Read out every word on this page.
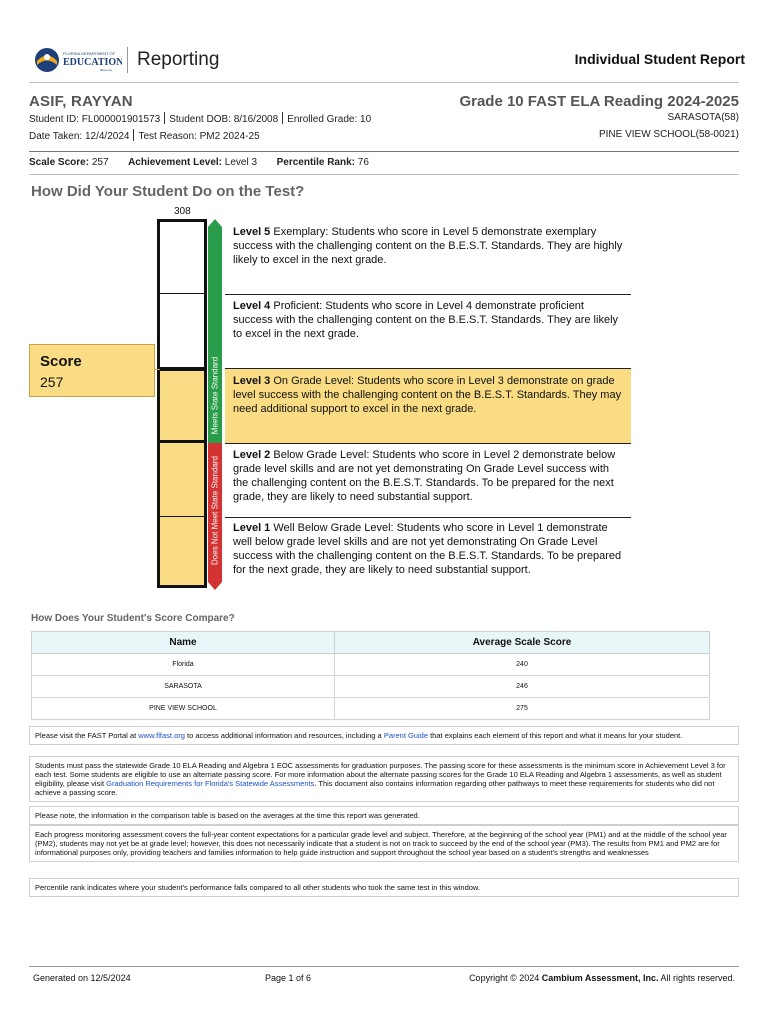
FLORIDA DEPARTMENT OF
EDUCATION
fldoe.org Reporting	Individual Student Report
ASIF, RAYYAN	Grade 10 FAST ELA Reading 2024-2025
Student ID: FL000001901573 Student DOB: 8/16/2008 Enrolled Grade: 10
Date Taken: 12/4/2024 Test Reason: PM2 2024-25
SARASOTA(58)
PINE VIEW SCHOOL(58-0021)
Scale Score: 257 Achievement Level: Level 3 Percentile Rank: 76
How Did Your Student Do on the Test?
308
Meets State Standard
Does Not Meet State Standard
Level 5 Exemplary: Students who score in Level 5 demonstrate exemplary success with the challenging content on the B.E.S.T. Standards. They are highly likely to excel in the next grade.
Level 4 Proficient: Students who score in Level 4 demonstrate proficient success with the challenging content on the B.E.S.T. Standards. They are likely to excel in the next grade.
Level 3 On Grade Level: Students who score in Level 3 demonstrate on grade level success with the challenging content on the B.E.S.T. Standards. They may need additional support to excel in the next grade.
Level 2 Below Grade Level: Students who score in Level 2 demonstrate below grade level skills and are not yet demonstrating On Grade Level success with the challenging content on the B.E.S.T. Standards. To be prepared for the next grade, they are likely to need substantial support.
Level 1 Well Below Grade Level: Students who score in Level 1 demonstrate well below grade level skills and are not yet demonstrating On Grade Level success with the challenging content on the B.E.S.T. Standards. To be prepared for the next grade, they are likely to need substantial support.
Score
257
How Does Your Student's Score Compare?
Name	Average Scale Score
Florida	240
SARASOTA	246
PINE VIEW SCHOOL	275
Please visit the FAST Portal at www.flfast.org to access additional information and resources, including a Parent Guide that explains each element of this report and what it means for your student.
Students must pass the statewide Grade 10 ELA Reading and Algebra 1 EOC assessments for graduation purposes. The passing score for these assessments is the minimum score in Achievement Level 3 for each test. Some students are eligible to use an alternate passing score. For more information about the alternate passing scores for the Grade 10 ELA Reading and Algebra 1 assessments, as well as student eligibility, please visit Graduation Requirements for Florida's Statewide Assessments. This document also contains information regarding other pathways to meet these requirements for students who did not achieve a passing score.
Please note, the information in the comparison table is based on the averages at the time this report was generated.
Each progress monitoring assessment covers the full-year content expectations for a particular grade level and subject. Therefore, at the beginning of the school year (PM1) and at the middle of the school year (PM2), students may not yet be at grade level; however, this does not necessarily indicate that a student is not on track to succeed by the end of the school year (PM3). The results from PM1 and PM2 are for informational purposes only, providing teachers and families information to help guide instruction and support throughout the school year based on a student's strengths and weaknesses
Percentile rank indicates where your student's performance falls compared to all other students who took the same test in this window.
Generated on 12/5/2024	Page 1 of 6	Copyright © 2024 Cambium Assessment, Inc. All rights reserved.
